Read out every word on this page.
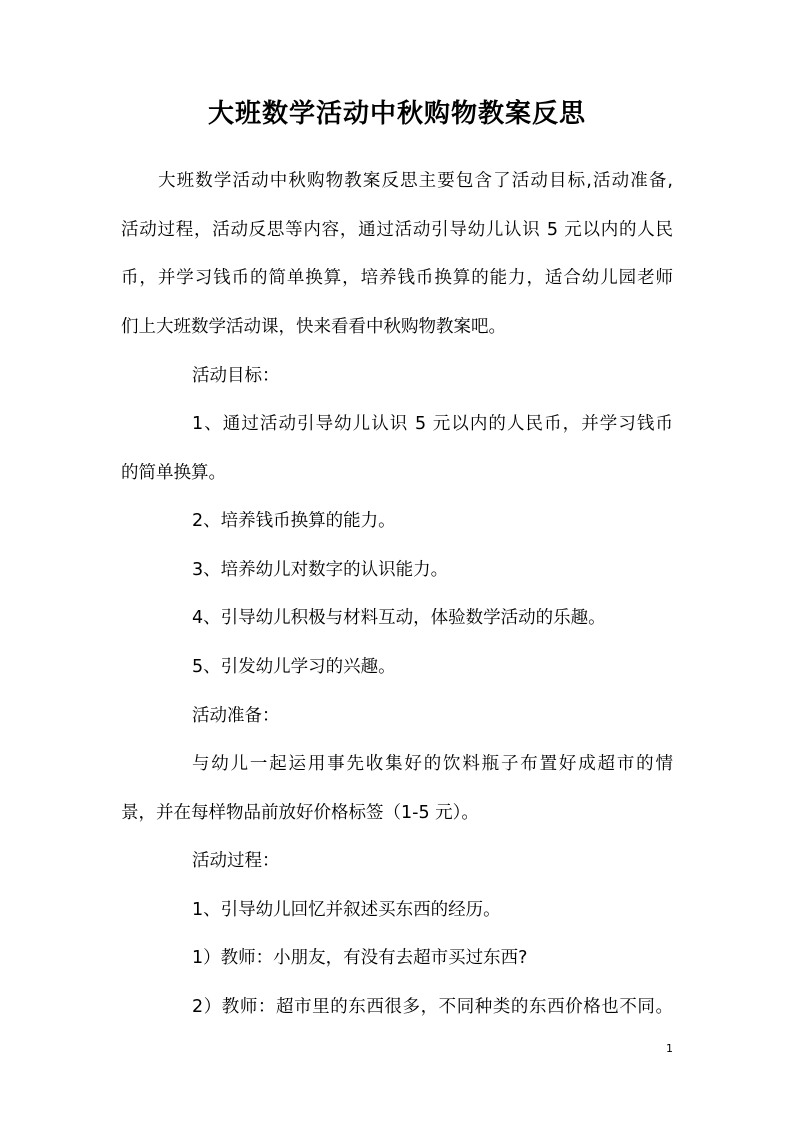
大班数学活动中秋购物教案反思
大班数学活动中秋购物教案反思主要包含了活动目标,活动准备,
活动过程，活动反思等内容，通过活动引导幼儿认识 5 元以内的人民
币，并学习钱币的简单换算，培养钱币换算的能力，适合幼儿园老师
们上大班数学活动课，快来看看中秋购物教案吧。
活动目标：
1、通过活动引导幼儿认识 5 元以内的人民币，并学习钱币
的简单换算。
2、培养钱币换算的能力。
3、培养幼儿对数字的认识能力。
4、引导幼儿积极与材料互动，体验数学活动的乐趣。
5、引发幼儿学习的兴趣。
活动准备：
与幼儿一起运用事先收集好的饮料瓶子布置好成超市的情
景，并在每样物品前放好价格标签（1-5 元）。
活动过程：
1、引导幼儿回忆并叙述买东西的经历。
1）教师：小朋友，有没有去超市买过东西?
2）教师：超市里的东西很多，不同种类的东西价格也不同。
1
